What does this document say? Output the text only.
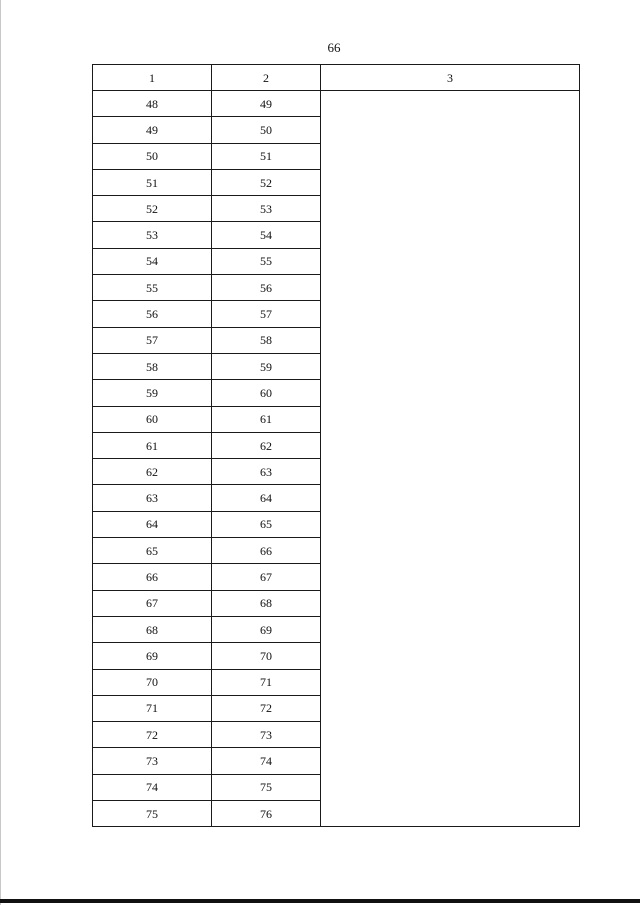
66
1	2	3
48	49	
49	50	
50	51	
51	52	
52	53	
53	54	
54	55	
55	56	
56	57	
57	58	
58	59	
59	60	
60	61	
61	62	
62	63	
63	64	
64	65	
65	66	
66	67	
67	68	
68	69	
69	70	
70	71	
71	72	
72	73	
73	74	
74	75	
75	76	
